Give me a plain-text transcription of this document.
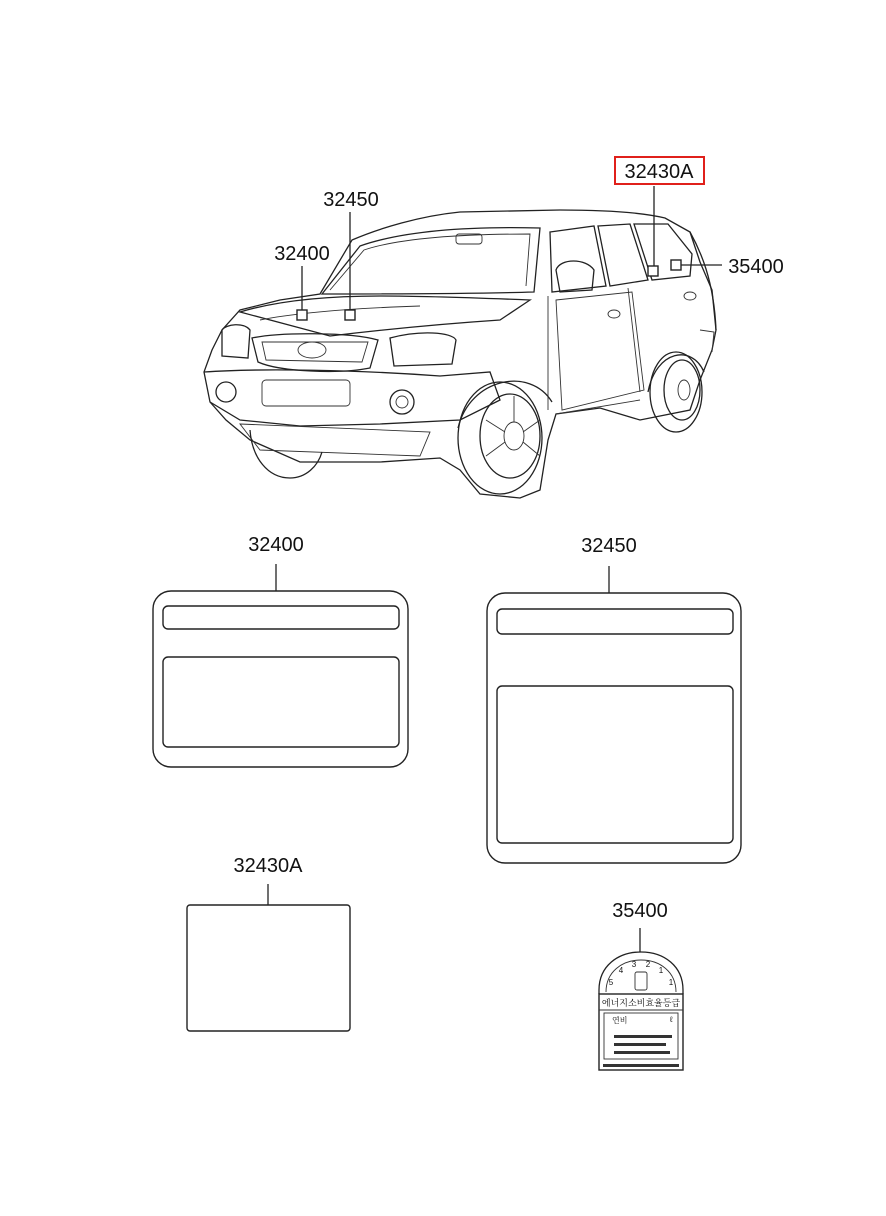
32450
32400
32430A
35400
32400	32450
32430A
35400
5
4
3 2
1
1
에너지소비효율등급
연비	ℓ
